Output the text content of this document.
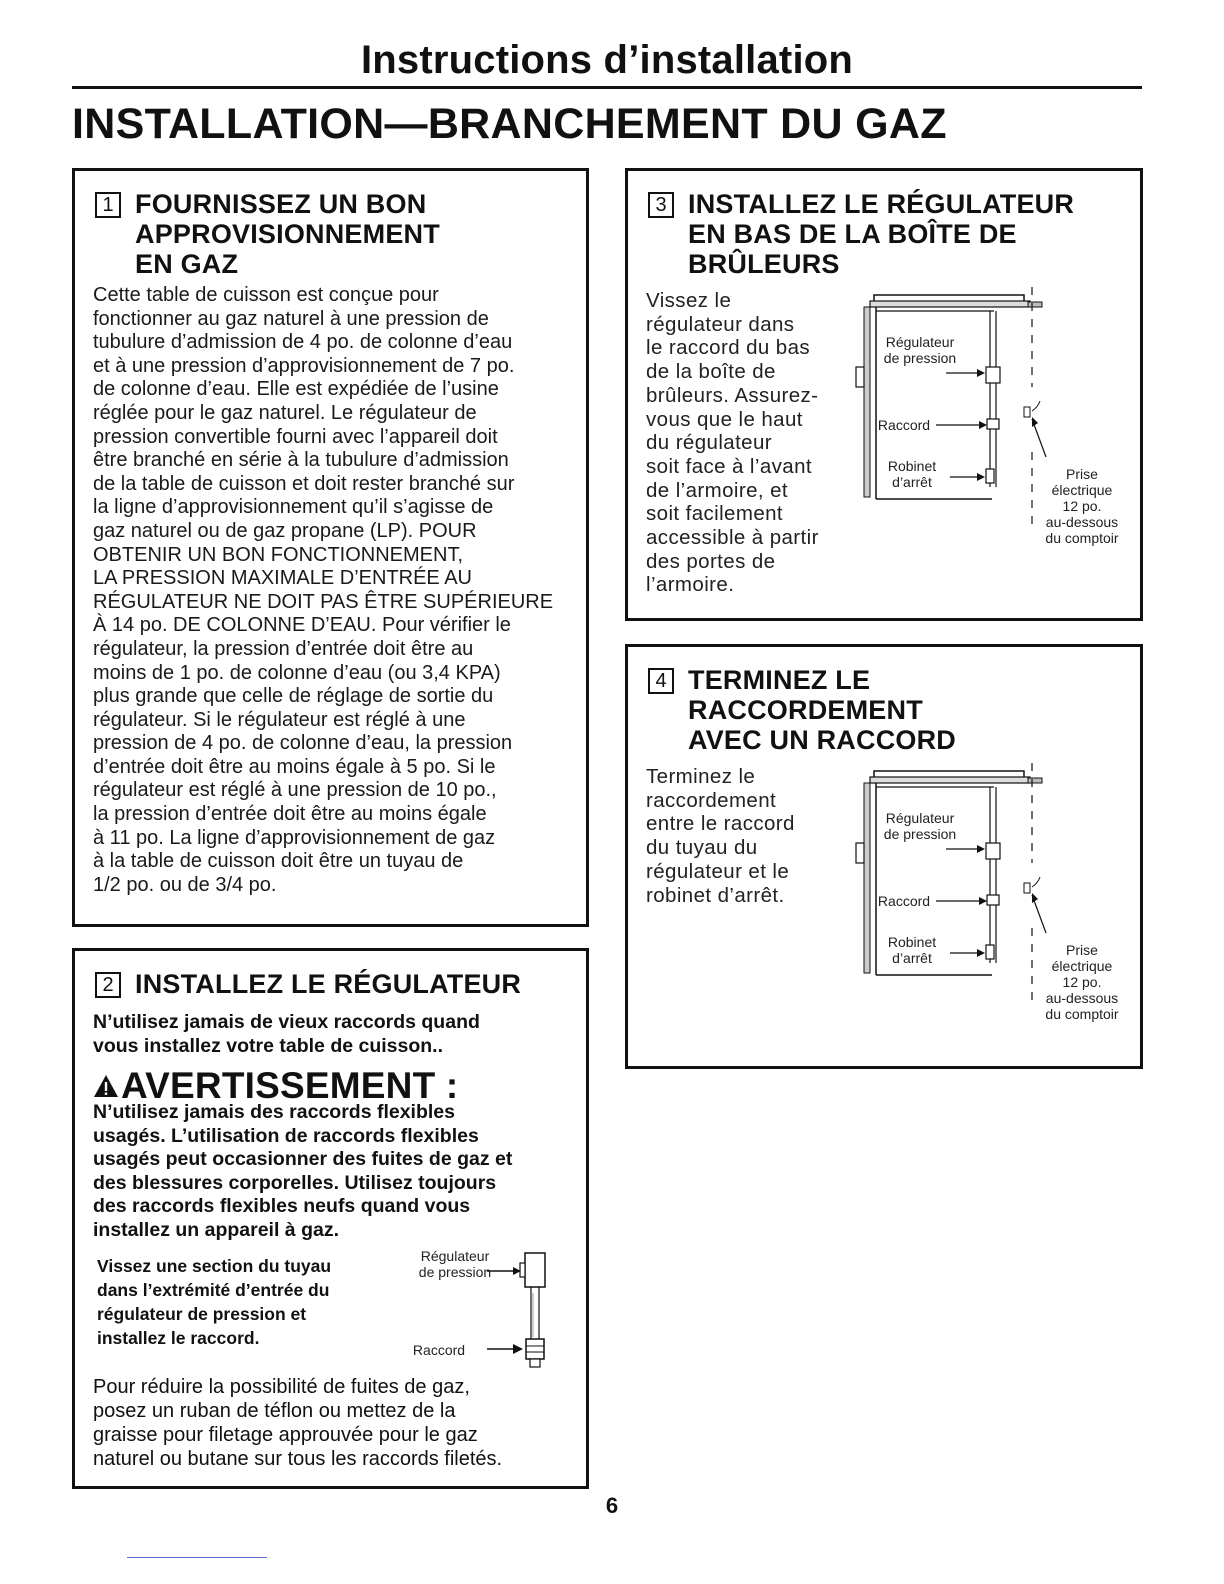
Instructions d’installation
INSTALLATION—BRANCHEMENT DU GAZ
1 FOURNISSEZ UN BON
APPROVISIONNEMENT
EN GAZ
Cette table de cuisson est conçue pour
fonctionner au gaz naturel à une pression de
tubulure d’admission de 4 po. de colonne d’eau
et à une pression d’approvisionnement de 7 po.
de colonne d’eau. Elle est expédiée de l’usine
réglée pour le gaz naturel. Le régulateur de
pression convertible fourni avec l’appareil doit
être branché en série à la tubulure d’admission
de la table de cuisson et doit rester branché sur
la ligne d’approvisionnement qu’il s’agisse de
gaz naturel ou de gaz propane (LP). POUR
OBTENIR UN BON FONCTIONNEMENT,
LA PRESSION MAXIMALE D’ENTRÉE AU
RÉGULATEUR NE DOIT PAS ÊTRE SUPÉRIEURE
À 14 po. DE COLONNE D’EAU. Pour vérifier le
régulateur, la pression d’entrée doit être au
moins de 1 po. de colonne d’eau (ou 3,4 KPA)
plus grande que celle de réglage de sortie du
régulateur. Si le régulateur est réglé à une
pression de 4 po. de colonne d’eau, la pression
d’entrée doit être au moins égale à 5 po. Si le
régulateur est réglé à une pression de 10 po.,
la pression d’entrée doit être au moins égale
à 11 po. La ligne d’approvisionnement de gaz
à la table de cuisson doit être un tuyau de
1/2 po. ou de 3/4 po.
2 INSTALLEZ LE RÉGULATEUR
N’utilisez jamais de vieux raccords quand
vous installez votre table de cuisson..
AVERTISSEMENT :
N’utilisez jamais des raccords flexibles
usagés. L’utilisation de raccords flexibles
usagés peut occasionner des fuites de gaz et
des blessures corporelles. Utilisez toujours
des raccords flexibles neufs quand vous
installez un appareil à gaz.
Vissez une section du tuyau
dans l’extrémité d’entrée du
régulateur de pression et
installez le raccord.
Régulateur
de pression
Raccord
Pour réduire la possibilité de fuites de gaz,
posez un ruban de téflon ou mettez de la
graisse pour filetage approuvée pour le gaz
naturel ou butane sur tous les raccords filetés.
3 INSTALLEZ LE RÉGULATEUR
EN BAS DE LA BOÎTE DE
BRÛLEURS
Vissez le
régulateur dans
le raccord du bas
de la boîte de
brûleurs. Assurez-
vous que le haut
du régulateur
soit face à l’avant
de l’armoire, et
soit facilement
accessible à partir
des portes de
l’armoire.
Régulateur
de pression
Raccord
Robinet
d’arrêt	Prise
électrique
12 po.
au-dessous
du comptoir
4 TERMINEZ LE
RACCORDEMENT
AVEC UN RACCORD
Terminez le
raccordement
entre le raccord
du tuyau du
régulateur et le
robinet d’arrêt.
Régulateur
de pression
Raccord
Robinet
d’arrêt	Prise
électrique
12 po.
au-dessous
du comptoir
6
